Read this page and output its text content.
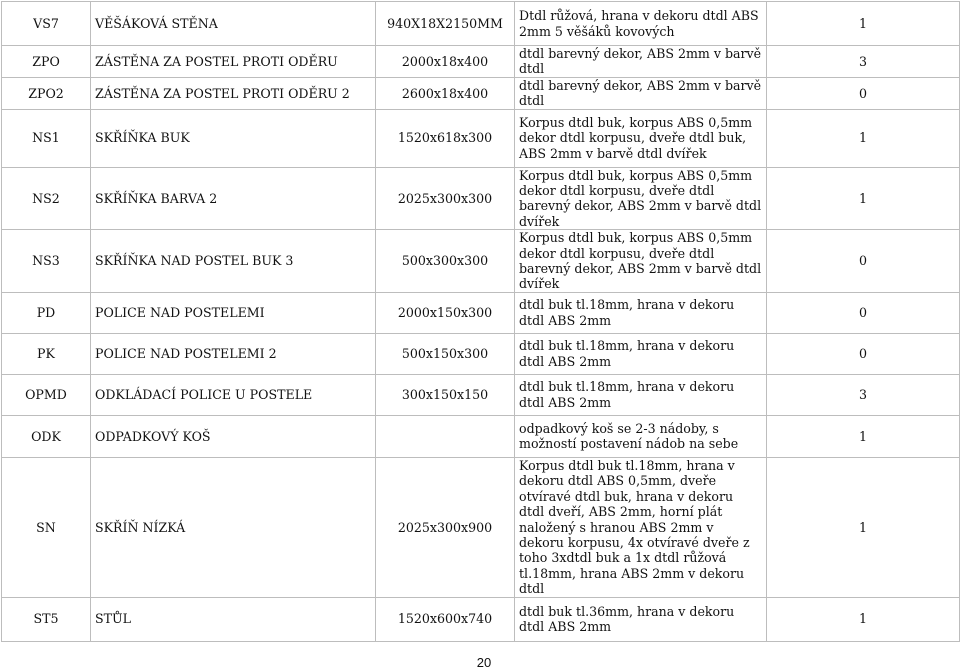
VS7	VĚŠÁKOVÁ STĚNA	940X18X2150MM	Dtdl růžová, hrana v dekoru dtdl ABS 2mm 5 věšáků kovových	1
ZPO	ZÁSTĚNA ZA POSTEL PROTI ODĚRU	2000x18x400	dtdl barevný dekor, ABS 2mm v barvě dtdl	3
ZPO2	ZÁSTĚNA ZA POSTEL PROTI ODĚRU 2	2600x18x400	dtdl barevný dekor, ABS 2mm v barvě dtdl	0
NS1	SKŘÍŇKA BUK	1520x618x300	Korpus dtdl buk, korpus ABS 0,5mm dekor dtdl korpusu, dveře dtdl buk, ABS 2mm v barvě dtdl dvířek	1
NS2	SKŘÍŇKA BARVA 2	2025x300x300	Korpus dtdl buk, korpus ABS 0,5mm dekor dtdl korpusu, dveře dtdl barevný dekor, ABS 2mm v barvě dtdl dvířek	1
NS3	SKŘÍŇKA NAD POSTEL BUK 3	500x300x300	Korpus dtdl buk, korpus ABS 0,5mm dekor dtdl korpusu, dveře dtdl barevný dekor, ABS 2mm v barvě dtdl dvířek	0
PD	POLICE NAD POSTELEMI	2000x150x300	dtdl buk tl.18mm, hrana v dekoru dtdl ABS 2mm	0
PK	POLICE NAD POSTELEMI 2	500x150x300	dtdl buk tl.18mm, hrana v dekoru dtdl ABS 2mm	0
OPMD	ODKLÁDACÍ POLICE U POSTELE	300x150x150	dtdl buk tl.18mm, hrana v dekoru dtdl ABS 2mm	3
ODK	ODPADKOVÝ KOŠ		odpadkový koš se 2-3 nádoby, s možností postavení nádob na sebe	1
SN	SKŘÍŇ NÍZKÁ	2025x300x900	Korpus dtdl buk tl.18mm, hrana v dekoru dtdl ABS 0,5mm, dveře otvíravé dtdl buk, hrana v dekoru dtdl dveří, ABS 2mm, horní plát naložený s hranou ABS 2mm v dekoru korpusu, 4x otvíravé dveře z toho 3xdtdl buk a 1x dtdl růžová tl.18mm, hrana ABS 2mm v dekoru dtdl	1
ST5	STŮL	1520x600x740	dtdl buk tl.36mm, hrana v dekoru dtdl ABS 2mm	1
20
